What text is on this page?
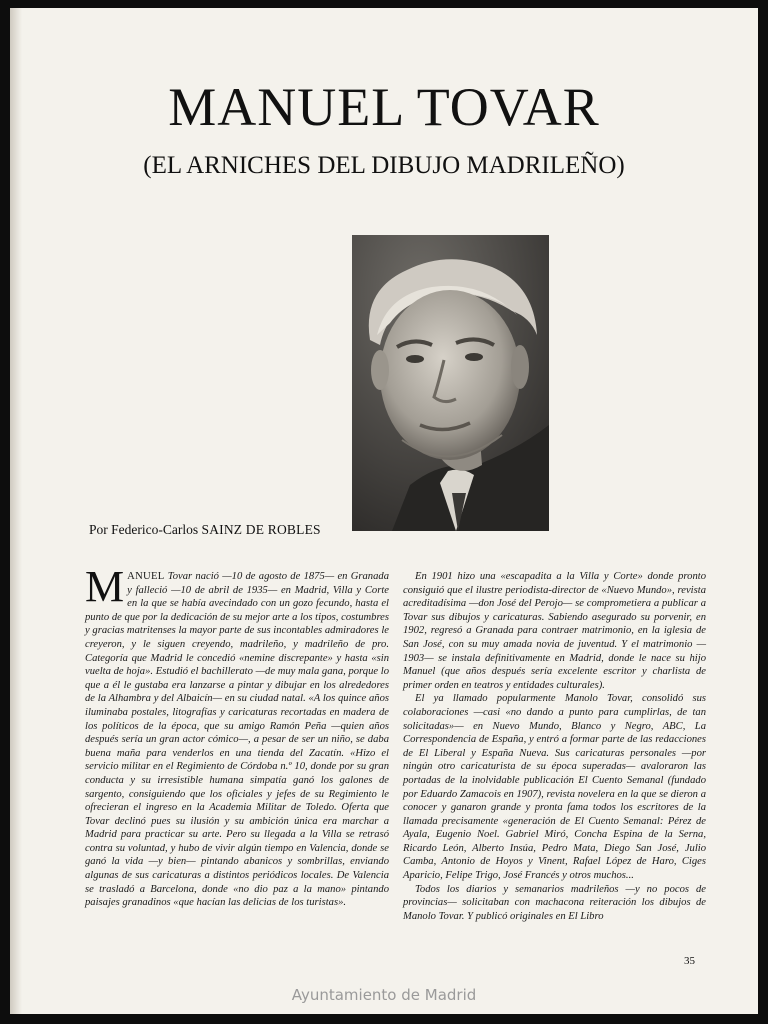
MANUEL TOVAR
(EL ARNICHES DEL DIBUJO MADRILEÑO)
Por Federico-Carlos SAINZ DE ROBLES

MANUEL Tovar nació —10 de agosto de 1875— en Granada y falleció —10 de abril de 1935— en Madrid, Villa y Corte en la que se había avecindado con un gozo fecundo, hasta el punto de que por la dedicación de su mejor arte a los tipos, costumbres y gracias matritenses la mayor parte de sus incontables admiradores le creyeron, y le siguen creyendo, madrileño, y madrileño de pro. Categoría que Madrid le concedió «nemine discrepante» y hasta «sin vuelta de hoja». Estudió el bachillerato —de muy mala gana, porque lo que a él le gustaba era lanzarse a pintar y dibujar en los alrededores de la Alhambra y del Albaicín— en su ciudad natal. «A los quince años iluminaba postales, litografías y caricaturas recortadas en madera de los políticos de la época, que su amigo Ramón Peña —quien años después sería un gran actor cómico—, a pesar de ser un niño, se daba buena maña para venderlos en una tienda del Zacatín. «Hizo el servicio militar en el Regimiento de Córdoba n.º 10, donde por su gran conducta y su irresistible humana simpatía ganó los galones de sargento, consiguiendo que los oficiales y jefes de su Regimiento le ofrecieran el ingreso en la Academia Militar de Toledo. Oferta que Tovar declinó pues su ilusión y su ambición única era marchar a Madrid para practicar su arte. Pero su llegada a la Villa se retrasó contra su voluntad, y hubo de vivir algún tiempo en Valencia, donde se ganó la vida —y bien— pintando abanicos y sombrillas, enviando algunas de sus caricaturas a distintos periódicos locales. De Valencia se trasladó a Barcelona, donde «no dio paz a la mano» pintando paisajes granadinos «que hacían las delicias de los turistas».

En 1901 hizo una «escapadita a la Villa y Corte» donde pronto consiguió que el ilustre periodista-director de «Nuevo Mundo», revista acreditadísima —don José del Perojo— se comprometiera a publicar a Tovar sus dibujos y caricaturas. Sabiendo asegurado su porvenir, en 1902, regresó a Granada para contraer matrimonio, en la iglesia de San José, con su muy amada novia de juventud. Y el matrimonio —1903— se instala definitivamente en Madrid, donde le nace su hijo Manuel (que años después sería excelente escritor y charlista de primer orden en teatros y entidades culturales).

El ya llamado popularmente Manolo Tovar, consolidó sus colaboraciones —casi «no dando a punto para cumplirlas, de tan solicitadas»— en Nuevo Mundo, Blanco y Negro, ABC, La Correspondencia de España, y entró a formar parte de las redacciones de El Liberal y España Nueva. Sus caricaturas personales —por ningún otro caricaturista de su época superadas— avaloraron las portadas de la inolvidable publicación El Cuento Semanal (fundado por Eduardo Zamacois en 1907), revista novelera en la que se dieron a conocer y ganaron grande y pronta fama todos los escritores de la llamada precisamente «generación de El Cuento Semanal: Pérez de Ayala, Eugenio Noel. Gabriel Miró, Concha Espina de la Serna, Ricardo León, Alberto Insúa, Pedro Mata, Diego San José, Julio Camba, Antonio de Hoyos y Vinent, Rafael López de Haro, Ciges Aparicio, Felipe Trigo, José Francés y otros muchos...

Todos los diarios y semanarios madrileños —y no pocos de provincias— solicitaban con machacona reiteración los dibujos de Manolo Tovar. Y publicó originales en El Libro

35
Ayuntamiento de Madrid
